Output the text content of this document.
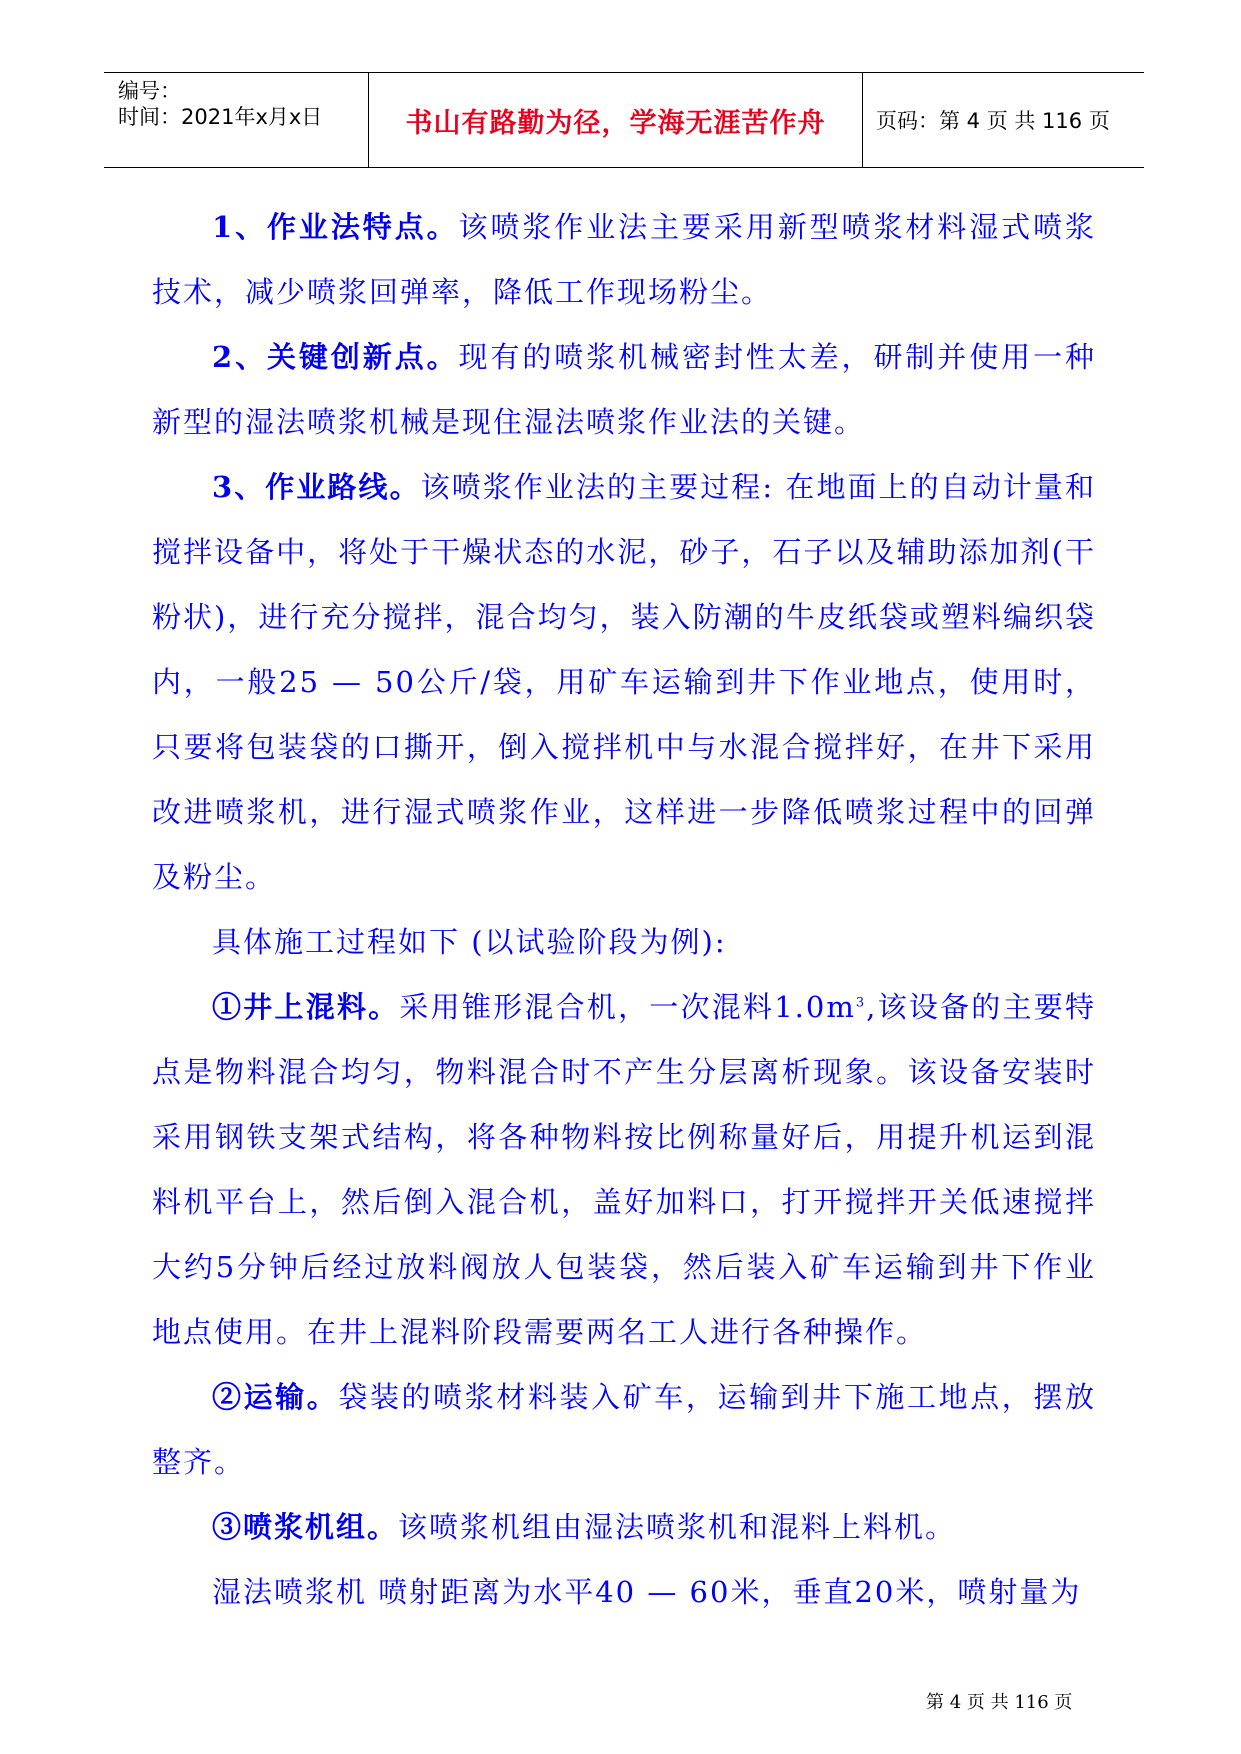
编号：
时间：2021年x月x日	书山有路勤为径，学海无涯苦作舟 页码：第 4 页 共 116 页

1、作业法特点。该喷浆作业法主要采用新型喷浆材料湿式喷浆技术，减少喷浆回弹率，降低工作现场粉尘。

2、关键创新点。现有的喷浆机械密封性太差，研制并使用一种新型的湿法喷浆机械是现住湿法喷浆作业法的关键。

3、作业路线。该喷浆作业法的主要过程: 在地面上的自动计量和搅拌设备中，将处于干燥状态的水泥，砂子，石子以及辅助添加剂(干粉状)，进行充分搅拌，混合均匀，装入防潮的牛皮纸袋或塑料编织袋内，一般25 — 50公斤/袋，用矿车运输到井下作业地点，使用时，只要将包装袋的口撕开，倒入搅拌机中与水混合搅拌好，在井下采用改进喷浆机，进行湿式喷浆作业，这样进一步降低喷浆过程中的回弹及粉尘。

具体施工过程如下 (以试验阶段为例):

①井上混料。采用锥形混合机，一次混料$1.0m^3$,该设备的主要特点是物料混合均匀，物料混合时不产生分层离析现象。该设备安装时采用钢铁支架式结构，将各种物料按比例称量好后，用提升机运到混料机平台上，然后倒入混合机，盖好加料口，打开搅拌开关低速搅拌大约5分钟后经过放料阀放人包装袋，然后装入矿车运输到井下作业地点使用。在井上混料阶段需要两名工人进行各种操作。

②运输。袋装的喷浆材料装入矿车，运输到井下施工地点，摆放整齐。

③喷浆机组。该喷浆机组由湿法喷浆机和混料上料机。

湿法喷浆机 喷射距离为水平40 — 60米，垂直20米，喷射量为

第 4 页 共 116 页
